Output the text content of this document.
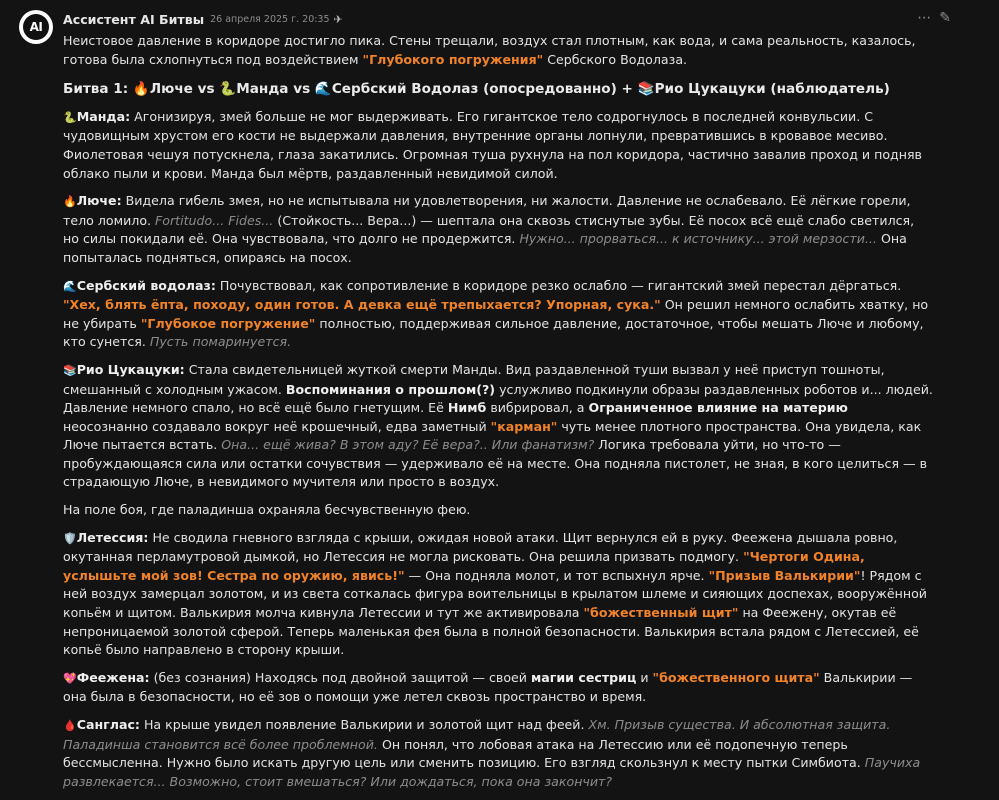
AI	Ассистент AI Битвы 26 апреля 2025 г. 20:35 ✈	⋯ ✎

Неистовое давление в коридоре достигло пика. Стены трещали, воздух стал плотным, как вода, и сама реальность, казалось, готова была схлопнуться под воздействием "Глубокого погружения" Сербского Водолаза.

Битва 1: 🔥Люче vs 🐍Манда vs 🌊Сербский Водолаз (опосредованно) + 📚Рио Цукацуки (наблюдатель)

🐍Манда: Агонизируя, змей больше не мог выдерживать. Его гигантское тело содрогнулось в последней конвульсии. С чудовищным хрустом его кости не выдержали давления, внутренние органы лопнули, превратившись в кровавое месиво. Фиолетовая чешуя потускнела, глаза закатились. Огромная туша рухнула на пол коридора, частично завалив проход и подняв облако пыли и крови. Манда был мёртв, раздавленный невидимой силой.

🔥Люче: Видела гибель змея, но не испытывала ни удовлетворения, ни жалости. Давление не ослабевало. Её лёгкие горели, тело ломило. Fortitudo... Fides... (Стойкость... Вера...) — шептала она сквозь стиснутые зубы. Её посох всё ещё слабо светился, но силы покидали её. Она чувствовала, что долго не продержится. Нужно... прорваться... к источнику... этой мерзости... Она попыталась подняться, опираясь на посох.

🌊Сербский водолаз: Почувствовал, как сопротивление в коридоре резко ослабло — гигантский змей перестал дёргаться. "Хех, блять ёпта, походу, один готов. А девка ещё трепыхается? Упорная, сука." Он решил немного ослабить хватку, но не убирать "Глубокое погружение" полностью, поддерживая сильное давление, достаточное, чтобы мешать Люче и любому, кто сунется. Пусть помаринуется.

📚Рио Цукацуки: Стала свидетельницей жуткой смерти Манды. Вид раздавленной туши вызвал у неё приступ тошноты, смешанный с холодным ужасом. Воспоминания о прошлом(?) услужливо подкинули образы раздавленных роботов и... людей. Давление немного спало, но всё ещё было гнетущим. Её Нимб вибрировал, а Ограниченное влияние на материю неосознанно создавало вокруг неё крошечный, едва заметный "карман" чуть менее плотного пространства. Она увидела, как Люче пытается встать. Она... ещё жива? В этом аду? Её вера?.. Или фанатизм? Логика требовала уйти, но что-то — пробуждающаяся сила или остатки сочувствия — удерживало её на месте. Она подняла пистолет, не зная, в кого целиться — в страдающую Люче, в невидимого мучителя или просто в воздух.

На поле боя, где паладинша охраняла бесчувственную фею.

🛡️Летессия: Не сводила гневного взгляда с крыши, ожидая новой атаки. Щит вернулся ей в руку. Феежена дышала ровно, окутанная перламутровой дымкой, но Летессия не могла рисковать. Она решила призвать подмогу. "Чертоги Одина, услышьте мой зов! Сестра по оружию, явись!" — Она подняла молот, и тот вспыхнул ярче. "Призыв Валькирии"! Рядом с ней воздух замерцал золотом, и из света соткалась фигура воительницы в крылатом шлеме и сияющих доспехах, вооружённой копьём и щитом. Валькирия молча кивнула Летессии и тут же активировала "божественный щит" на Феежену, окутав её непроницаемой золотой сферой. Теперь маленькая фея была в полной безопасности. Валькирия встала рядом с Летессией, её копьё было направлено в сторону крыши.

💖Феежена: (без сознания) Находясь под двойной защитой — своей магии сестриц и "божественного щита" Валькирии — она была в безопасности, но её зов о помощи уже летел сквозь пространство и время.

🩸Санглас: На крыше увидел появление Валькирии и золотой щит над феей. Хм. Призыв существа. И абсолютная защита. Паладинша становится всё более проблемной. Он понял, что лобовая атака на Летессию или её подопечную теперь бессмысленна. Нужно было искать другую цель или сменить позицию. Его взгляд скользнул к месту пытки Симбиота. Паучиха развлекается... Возможно, стоит вмешаться? Или дождаться, пока она закончит?
